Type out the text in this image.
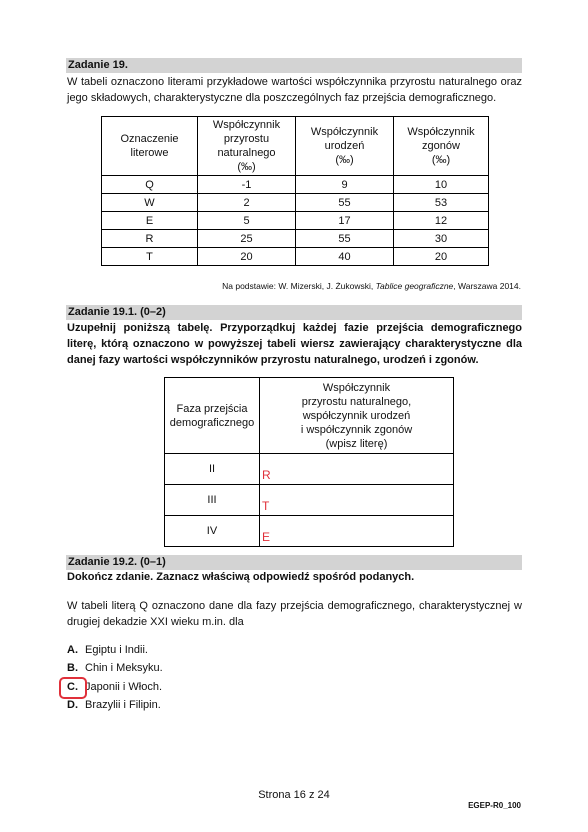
Zadanie 19.
W tabeli oznaczono literami przykładowe wartości współczynnika przyrostu naturalnego oraz jego składowych, charakterystyczne dla poszczególnych faz przejścia demograficznego.
Oznaczenie
literowe	Współczynnik
przyrostu
naturalnego
(‰)	Współczynnik
urodzeń
(‰)	Współczynnik
zgonów
(‰)
Q	-1	9	10
W	2	55	53
E	5	17	12
R	25	55	30
T	20	40	20
Na podstawie: W. Mizerski, J. Żukowski, Tablice geograficzne, Warszawa 2014.
Zadanie 19.1. (0–2)
Uzupełnij poniższą tabelę. Przyporządkuj każdej fazie przejścia demograficznego literę, którą oznaczono w powyższej tabeli wiersz zawierający charakterystyczne dla danej fazy wartości współczynników przyrostu naturalnego, urodzeń i zgonów.
Faza przejścia
demograficznego	Współczynnik
przyrostu naturalnego,
współczynnik urodzeń
i współczynnik zgonów
(wpisz literę)
II	R
III	T
IV	E
Zadanie 19.2. (0–1)
Dokończ zdanie. Zaznacz właściwą odpowiedź spośród podanych.
W tabeli literą Q oznaczono dane dla fazy przejścia demograficznego, charakterystycznej w drugiej dekadzie XXI wieku m.in. dla
A. Egiptu i Indii.
B. Chin i Meksyku.
C. Japonii i Włoch.
D. Brazylii i Filipin.
Strona 16 z 24
EGEP-R0_100
